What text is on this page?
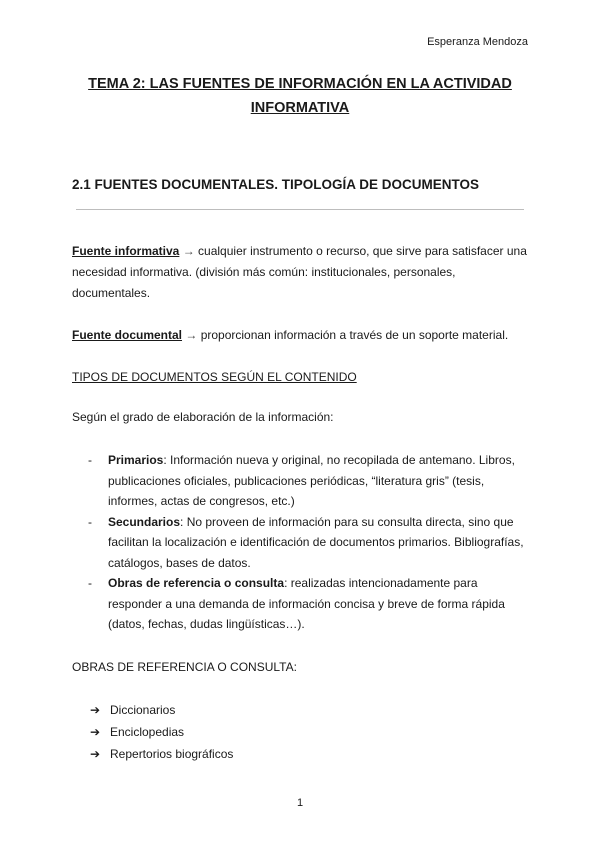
Esperanza Mendoza
TEMA 2: LAS FUENTES DE INFORMACIÓN EN LA ACTIVIDAD
INFORMATIVA
2.1 FUENTES DOCUMENTALES. TIPOLOGÍA DE DOCUMENTOS
Fuente informativa → cualquier instrumento o recurso, que sirve para satisfacer una necesidad informativa. (división más común: institucionales, personales, documentales.
Fuente documental → proporcionan información a través de un soporte material.
TIPOS DE DOCUMENTOS SEGÚN EL CONTENIDO
Según el grado de elaboración de la información:
- Primarios: Información nueva y original, no recopilada de antemano. Libros, publicaciones oficiales, publicaciones periódicas, “literatura gris” (tesis, informes, actas de congresos, etc.)
- Secundarios: No proveen de información para su consulta directa, sino que facilitan la localización e identificación de documentos primarios. Bibliografías, catálogos, bases de datos.
- Obras de referencia o consulta: realizadas intencionadamente para responder a una demanda de información concisa y breve de forma rápida (datos, fechas, dudas lingüísticas…).
OBRAS DE REFERENCIA O CONSULTA:
➔ Diccionarios
➔ Enciclopedias
➔ Repertorios biográficos
1
